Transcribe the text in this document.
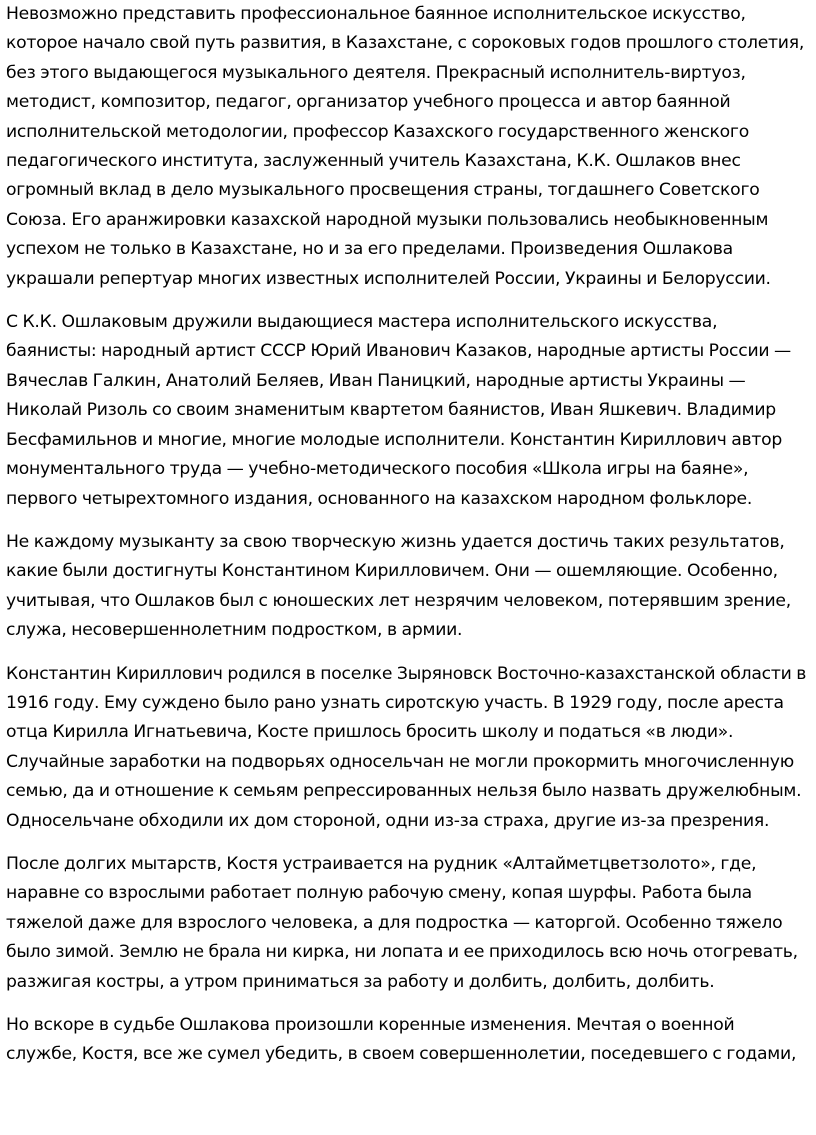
Невозможно представить профессиональное баянное исполнительское искусство, которое начало свой путь развития, в Казахстане, с сороковых годов прошлого столетия, без этого выдающегося музыкального деятеля. Прекрасный исполнитель-виртуоз, методист, композитор, педагог, организатор учебного процесса и автор баянной исполнительской методологии, профессор Казахского государственного женского педагогического института, заслуженный учитель Казахстана, К.К. Ошлаков внес огромный вклад в дело музыкального просвещения страны, тогдашнего Советского Союза. Его аранжировки казахской народной музыки пользовались необыкновенным успехом не только в Казахстане, но и за его пределами. Произведения Ошлакова украшали репертуар многих известных исполнителей России, Украины и Белоруссии.

С К.К. Ошлаковым дружили выдающиеся мастера исполнительского искусства, баянисты: народный артист СССР Юрий Иванович Казаков, народные артисты России — Вячеслав Галкин, Анатолий Беляев, Иван Паницкий, народные артисты Украины — Николай Ризоль со своим знаменитым квартетом баянистов, Иван Яшкевич. Владимир Бесфамильнов и многие, многие молодые исполнители. Константин Кириллович автор монументального труда — учебно-методического пособия «Школа игры на баяне», первого четырехтомного издания, основанного на казахском народном фольклоре.

Не каждому музыканту за свою творческую жизнь удается достичь таких результатов, какие были достигнуты Константином Кирилловичем. Они — ошемляющие. Особенно, учитывая, что Ошлаков был с юношеских лет незрячим человеком, потерявшим зрение, служа, несовершеннолетним подростком, в армии.

Константин Кириллович родился в поселке Зыряновск Восточно-казахстанской области в 1916 году. Ему суждено было рано узнать сиротскую участь. В 1929 году, после ареста отца Кирилла Игнатьевича, Косте пришлось бросить школу и податься «в люди». Случайные заработки на подворьях односельчан не могли прокормить многочисленную семью, да и отношение к семьям репрессированных нельзя было назвать дружелюбным. Односельчане обходили их дом стороной, одни из-за страха, другие из-за презрения.

После долгих мытарств, Костя устраивается на рудник «Алтайметцветзолото», где, наравне со взрослыми работает полную рабочую смену, копая шурфы. Работа была тяжелой даже для взрослого человека, а для подростка — каторгой. Особенно тяжело было зимой. Землю не брала ни кирка, ни лопата и ее приходилось всю ночь отогревать, разжигая костры, а утром приниматься за работу и долбить, долбить, долбить.

Но вскоре в судьбе Ошлакова произошли коренные изменения. Мечтая о военной службе, Костя, все же сумел убедить, в своем совершеннолетии, поседевшего с годами,
